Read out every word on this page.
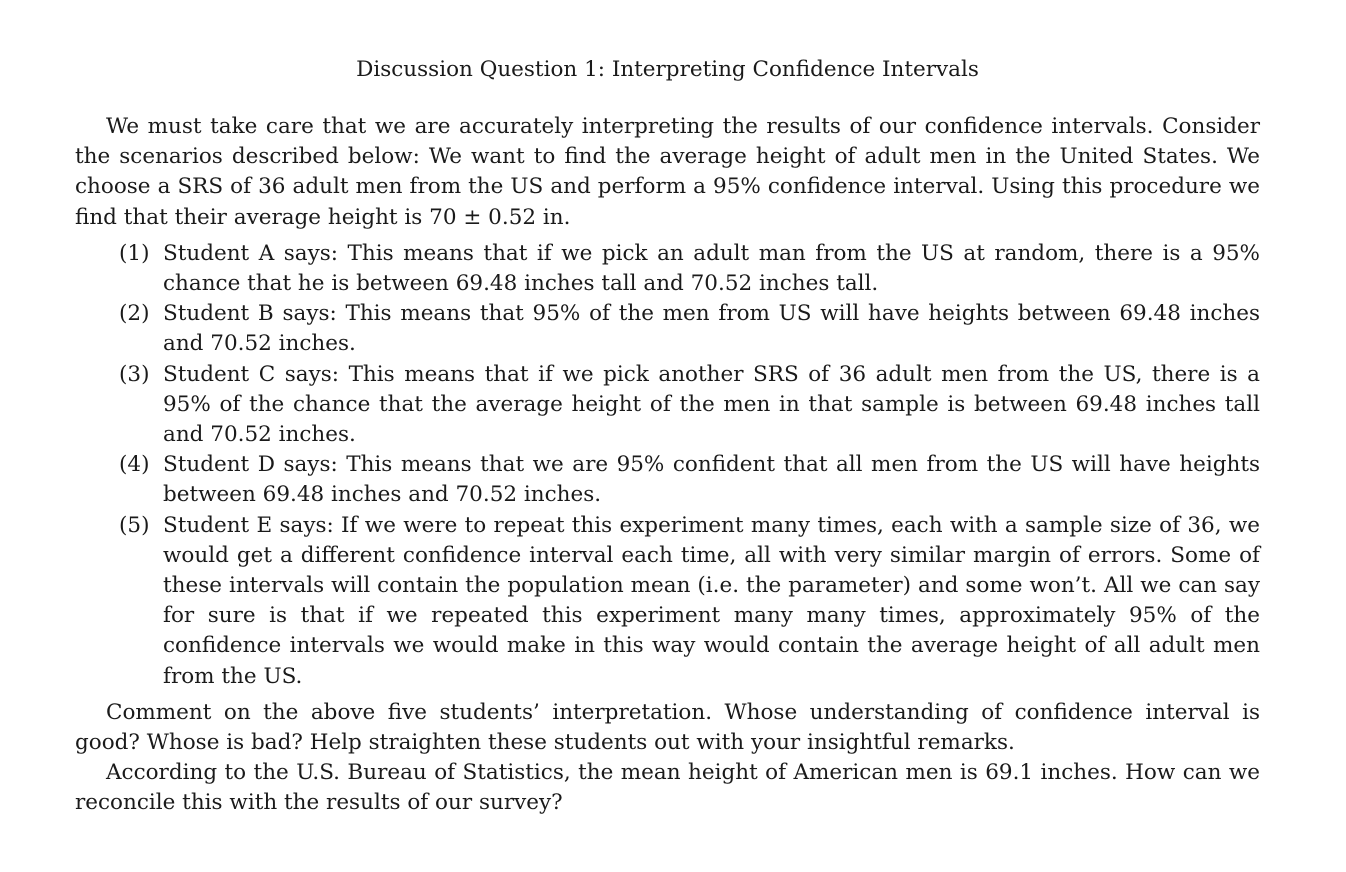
Discussion Question 1: Interpreting Confidence Intervals

We must take care that we are accurately interpreting the results of our confidence intervals. Consider the scenarios described below: We want to find the average height of adult men in the United States. We choose a SRS of 36 adult men from the US and perform a 95% confidence interval. Using this procedure we find that their average height is 70 ± 0.52 in.

(1) Student A says: This means that if we pick an adult man from the US at random, there is a 95% chance that he is between 69.48 inches tall and 70.52 inches tall.
(2) Student B says: This means that 95% of the men from US will have heights between 69.48 inches and 70.52 inches.
(3) Student C says: This means that if we pick another SRS of 36 adult men from the US, there is a 95% of the chance that the average height of the men in that sample is between 69.48 inches tall and 70.52 inches.
(4) Student D says: This means that we are 95% confident that all men from the US will have heights between 69.48 inches and 70.52 inches.
(5) Student E says: If we were to repeat this experiment many times, each with a sample size of 36, we would get a different confidence interval each time, all with very similar margin of errors. Some of these intervals will contain the population mean (i.e. the parameter) and some won’t. All we can say for sure is that if we repeated this experiment many many times, approximately 95% of the confidence intervals we would make in this way would contain the average height of all adult men from the US.

Comment on the above five students’ interpretation. Whose understanding of confidence interval is good? Whose is bad? Help straighten these students out with your insightful remarks.

According to the U.S. Bureau of Statistics, the mean height of American men is 69.1 inches. How can we reconcile this with the results of our survey?
